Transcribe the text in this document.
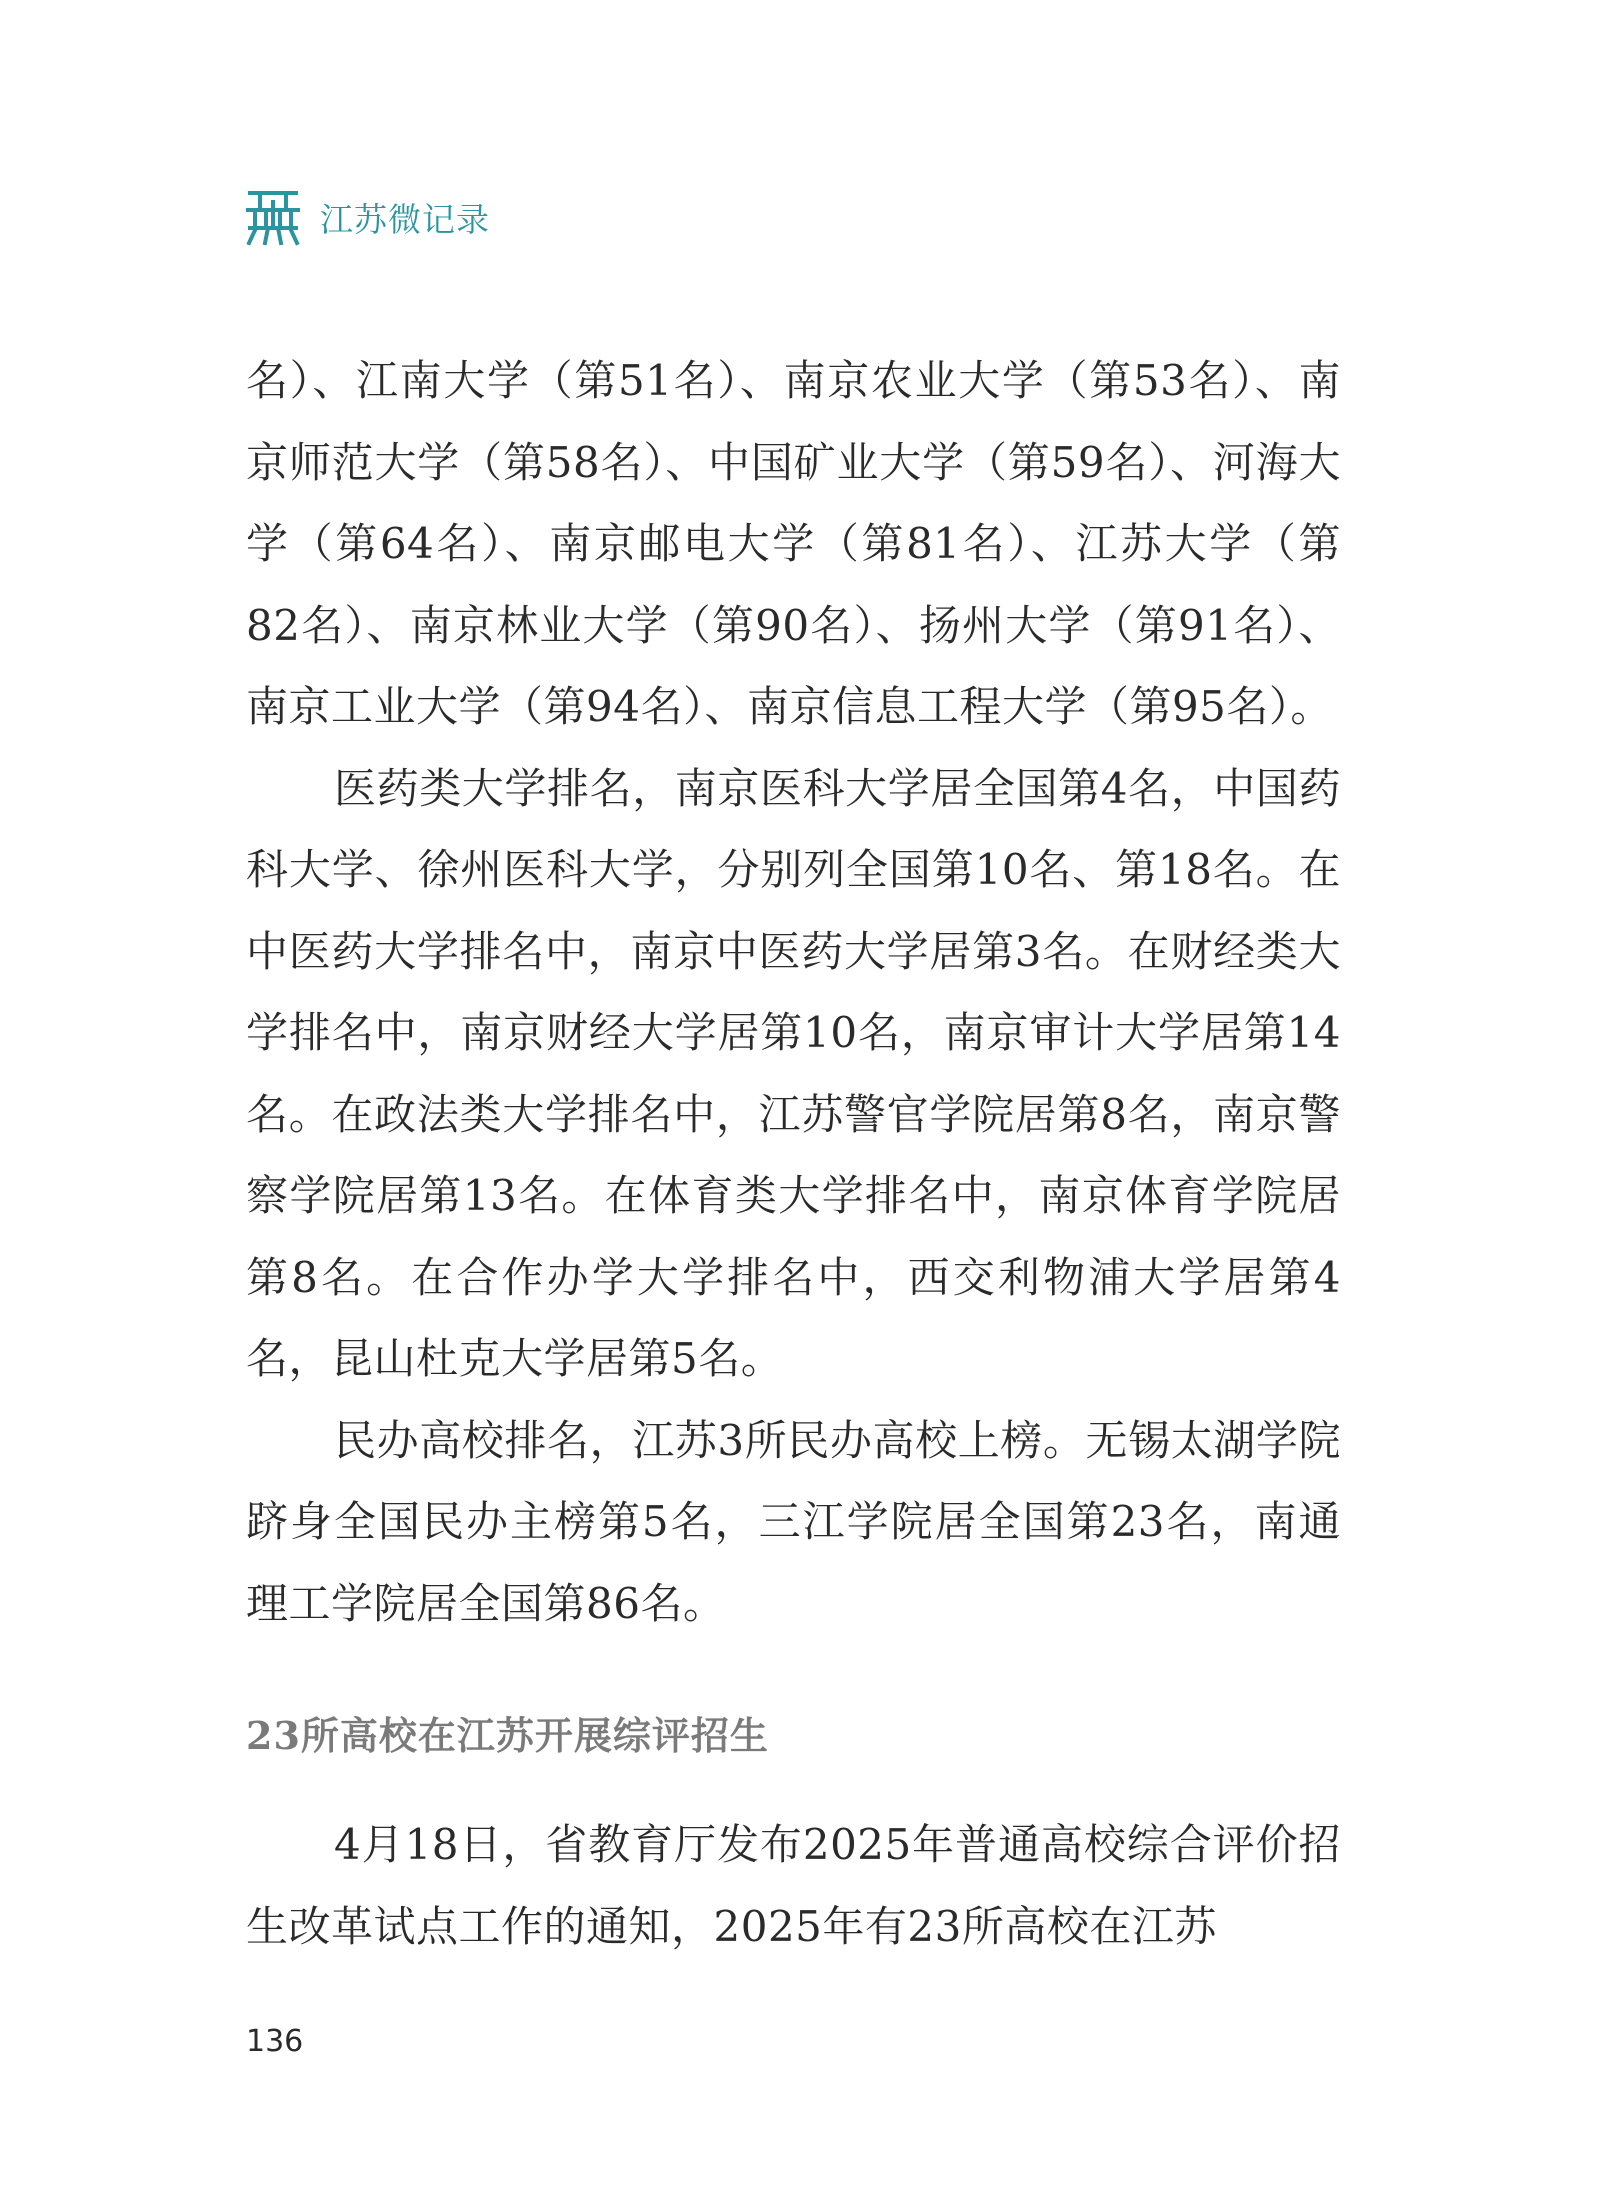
江苏微记录

名）、江南大学（第51名）、南京农业大学（第53名）、南京师范大学（第58名）、中国矿业大学（第59名）、河海大学（第64名）、南京邮电大学（第81名）、江苏大学（第82名）、南京林业大学（第90名）、扬州大学（第91名）、南京工业大学（第94名）、南京信息工程大学（第95名）。

医药类大学排名，南京医科大学居全国第4名，中国药科大学、徐州医科大学，分别列全国第10名、第18名。在中医药大学排名中，南京中医药大学居第3名。在财经类大学排名中，南京财经大学居第10名，南京审计大学居第14名。在政法类大学排名中，江苏警官学院居第8名，南京警察学院居第13名。在体育类大学排名中，南京体育学院居第8名。在合作办学大学排名中，西交利物浦大学居第4名，昆山杜克大学居第5名。

民办高校排名，江苏3所民办高校上榜。无锡太湖学院跻身全国民办主榜第5名，三江学院居全国第23名，南通理工学院居全国第86名。

23所高校在江苏开展综评招生

4月18日，省教育厅发布2025年普通高校综合评价招生改革试点工作的通知，2025年有23所高校在江苏

136
